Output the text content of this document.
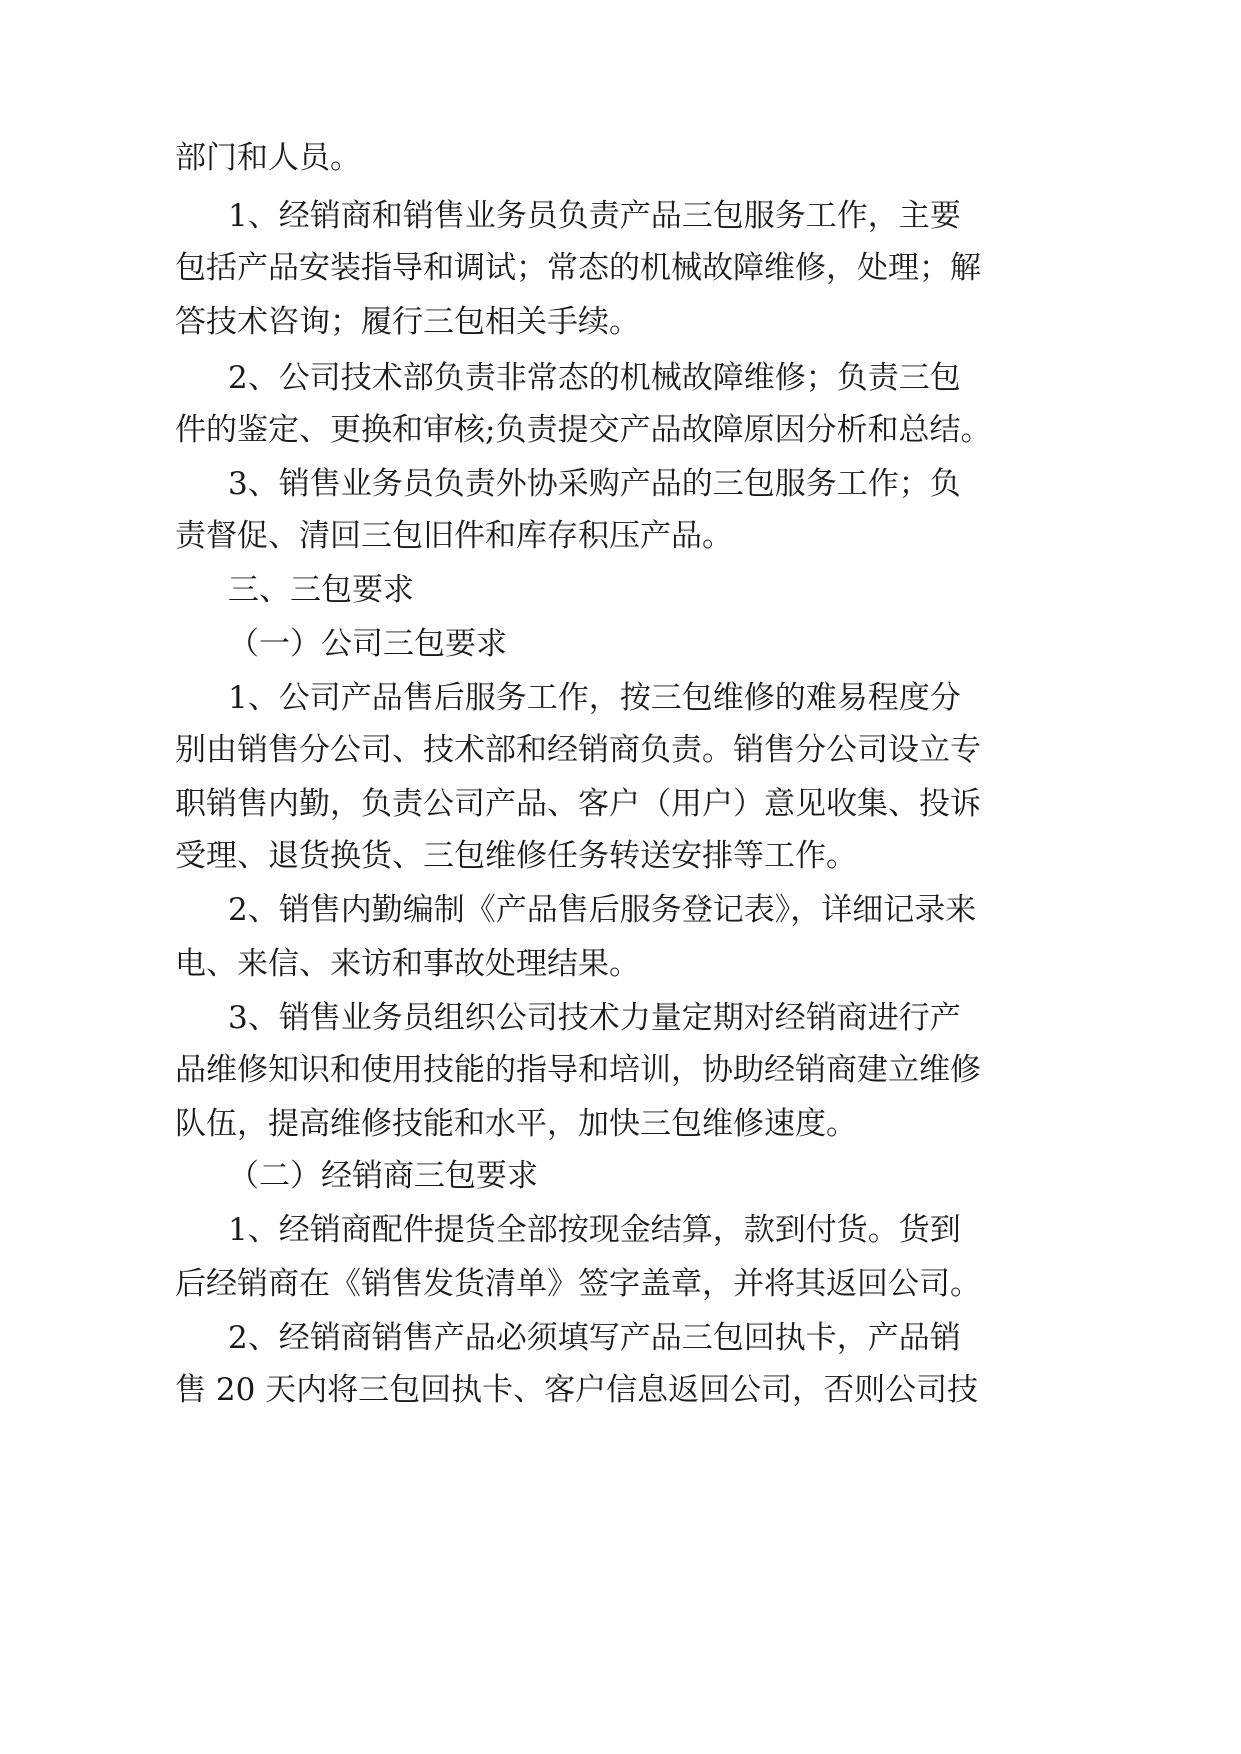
部门和人员。
1、经销商和销售业务员负责产品三包服务工作，主要
包括产品安装指导和调试；常态的机械故障维修，处理；解
答技术咨询；履行三包相关手续。
2、公司技术部负责非常态的机械故障维修；负责三包
件的鉴定、更换和审核;负责提交产品故障原因分析和总结。
3、销售业务员负责外协采购产品的三包服务工作；负
责督促、清回三包旧件和库存积压产品。
三、三包要求
（一）公司三包要求
1、公司产品售后服务工作，按三包维修的难易程度分
别由销售分公司、技术部和经销商负责。销售分公司设立专
职销售内勤，负责公司产品、客户（用户）意见收集、投诉
受理、退货换货、三包维修任务转送安排等工作。
2、销售内勤编制《产品售后服务登记表》，详细记录来
电、来信、来访和事故处理结果。
3、销售业务员组织公司技术力量定期对经销商进行产
品维修知识和使用技能的指导和培训，协助经销商建立维修
队伍，提高维修技能和水平，加快三包维修速度。
（二）经销商三包要求
1、经销商配件提货全部按现金结算，款到付货。货到
后经销商在《销售发货清单》签字盖章，并将其返回公司。
2、经销商销售产品必须填写产品三包回执卡，产品销
售 20 天内将三包回执卡、客户信息返回公司，否则公司技
